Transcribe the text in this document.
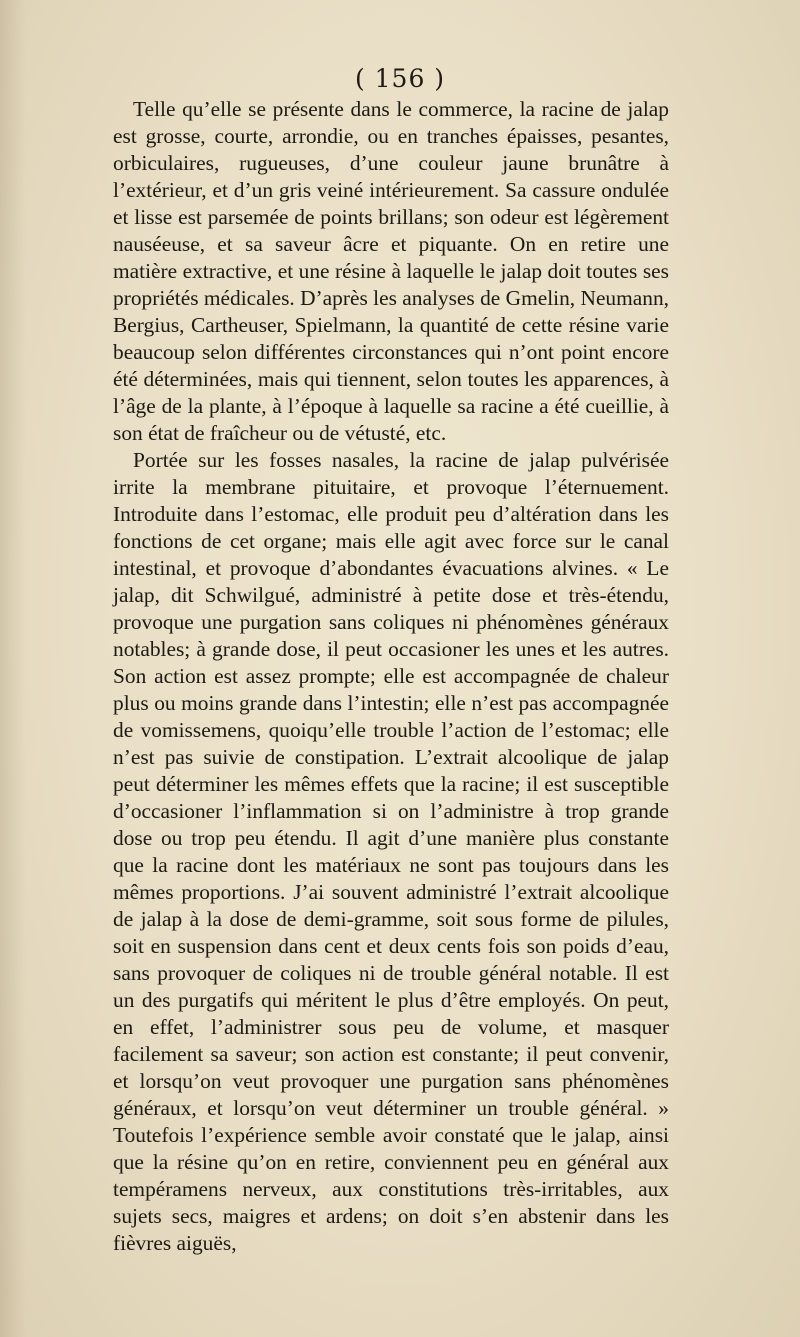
( 156 )

Telle qu’elle se présente dans le commerce, la racine de jalap est grosse, courte, arrondie, ou en tranches épaisses, pesantes, orbiculaires, rugueuses, d’une couleur jaune brunâtre à l’extérieur, et d’un gris veiné intérieurement. Sa cassure ondulée et lisse est parsemée de points brillans; son odeur est légèrement nauséeuse, et sa saveur âcre et piquante. On en retire une matière extractive, et une résine à laquelle le jalap doit toutes ses propriétés médicales. D’après les analyses de Gmelin, Neumann, Bergius, Cartheuser, Spielmann, la quantité de cette résine varie beaucoup selon différentes circonstances qui n’ont point encore été déterminées, mais qui tiennent, selon toutes les apparences, à l’âge de la plante, à l’époque à laquelle sa racine a été cueillie, à son état de fraîcheur ou de vétusté, etc.

Portée sur les fosses nasales, la racine de jalap pulvérisée irrite la membrane pituitaire, et provoque l’éternuement. Introduite dans l’estomac, elle produit peu d’altération dans les fonctions de cet organe; mais elle agit avec force sur le canal intestinal, et provoque d’abondantes évacuations alvines. « Le jalap, dit Schwilgué, administré à petite dose et très-étendu, provoque une purgation sans coliques ni phénomènes généraux notables; à grande dose, il peut occasioner les unes et les autres. Son action est assez prompte; elle est accompagnée de chaleur plus ou moins grande dans l’intestin; elle n’est pas accompagnée de vomissemens, quoiqu’elle trouble l’action de l’estomac; elle n’est pas suivie de constipation. L’extrait alcoolique de jalap peut déterminer les mêmes effets que la racine; il est susceptible d’occasioner l’inflammation si on l’administre à trop grande dose ou trop peu étendu. Il agit d’une manière plus constante que la racine dont les matériaux ne sont pas toujours dans les mêmes proportions. J’ai souvent administré l’extrait alcoolique de jalap à la dose de demi-gramme, soit sous forme de pilules, soit en suspension dans cent et deux cents fois son poids d’eau, sans provoquer de coliques ni de trouble général notable. Il est un des purgatifs qui méritent le plus d’être employés. On peut, en effet, l’administrer sous peu de volume, et masquer facilement sa saveur; son action est constante; il peut convenir, et lorsqu’on veut provoquer une purgation sans phénomènes généraux, et lorsqu’on veut déterminer un trouble général. » Toutefois l’expérience semble avoir constaté que le jalap, ainsi que la résine qu’on en retire, conviennent peu en général aux tempéramens nerveux, aux constitutions très-irritables, aux sujets secs, maigres et ardens; on doit s’en abstenir dans les fièvres aiguës,
